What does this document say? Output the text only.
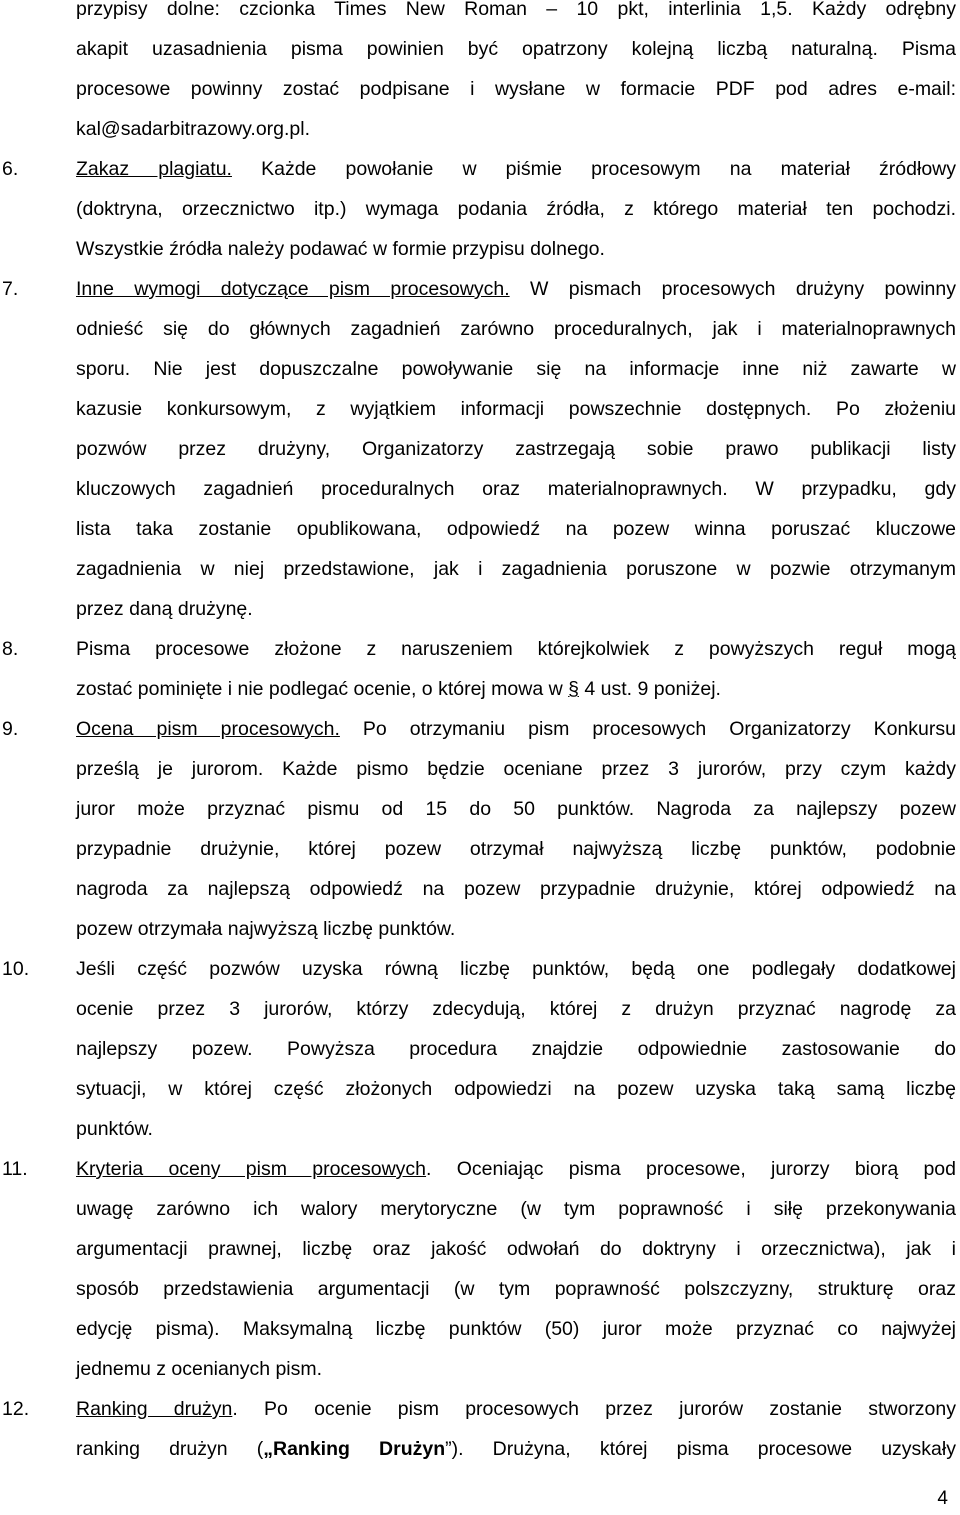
przypisy dolne: czcionka Times New Roman – 10 pkt, interlinia 1,5. Każdy odrębny
akapit uzasadnienia pisma powinien być opatrzony kolejną liczbą naturalną. Pisma
procesowe powinny zostać podpisane i wysłane w formacie PDF pod adres e-mail:
kal@sadarbitrazowy.org.pl.
6.	Zakaz plagiatu. Każde powołanie w piśmie procesowym na materiał źródłowy
(doktryna, orzecznictwo itp.) wymaga podania źródła, z którego materiał ten pochodzi.
Wszystkie źródła należy podawać w formie przypisu dolnego.
7.	Inne wymogi dotyczące pism procesowych. W pismach procesowych drużyny powinny
odnieść się do głównych zagadnień zarówno proceduralnych, jak i materialnoprawnych
sporu. Nie jest dopuszczalne powoływanie się na informacje inne niż zawarte w
kazusie konkursowym, z wyjątkiem informacji powszechnie dostępnych. Po złożeniu
pozwów przez drużyny, Organizatorzy zastrzegają sobie prawo publikacji listy
kluczowych zagadnień proceduralnych oraz materialnoprawnych. W przypadku, gdy
lista taka zostanie opublikowana, odpowiedź na pozew winna poruszać kluczowe
zagadnienia w niej przedstawione, jak i zagadnienia poruszone w pozwie otrzymanym
przez daną drużynę.
8.	Pisma procesowe złożone z naruszeniem którejkolwiek z powyższych reguł mogą
zostać pominięte i nie podlegać ocenie, o której mowa w § 4 ust. 9 poniżej.
9.	Ocena pism procesowych. Po otrzymaniu pism procesowych Organizatorzy Konkursu
prześlą je jurorom. Każde pismo będzie oceniane przez 3 jurorów, przy czym każdy
juror może przyznać pismu od 15 do 50 punktów. Nagroda za najlepszy pozew
przypadnie drużynie, której pozew otrzymał najwyższą liczbę punktów, podobnie
nagroda za najlepszą odpowiedź na pozew przypadnie drużynie, której odpowiedź na
pozew otrzymała najwyższą liczbę punktów.
10. Jeśli część pozwów uzyska równą liczbę punktów, będą one podlegały dodatkowej
ocenie przez 3 jurorów, którzy zdecydują, której z drużyn przyznać nagrodę za
najlepszy pozew. Powyższa procedura znajdzie odpowiednie zastosowanie do
sytuacji, w której część złożonych odpowiedzi na pozew uzyska taką samą liczbę
punktów.
11. Kryteria oceny pism procesowych. Oceniając pisma procesowe, jurorzy biorą pod
uwagę zarówno ich walory merytoryczne (w tym poprawność i siłę przekonywania
argumentacji prawnej, liczbę oraz jakość odwołań do doktryny i orzecznictwa), jak i
sposób przedstawienia argumentacji (w tym poprawność polszczyzny, strukturę oraz
edycję pisma). Maksymalną liczbę punktów (50) juror może przyznać co najwyżej
jednemu z ocenianych pism.
12. Ranking drużyn. Po ocenie pism procesowych przez jurorów zostanie stworzony
ranking drużyn („Ranking Drużyn”). Drużyna, której pisma procesowe uzyskały
4
